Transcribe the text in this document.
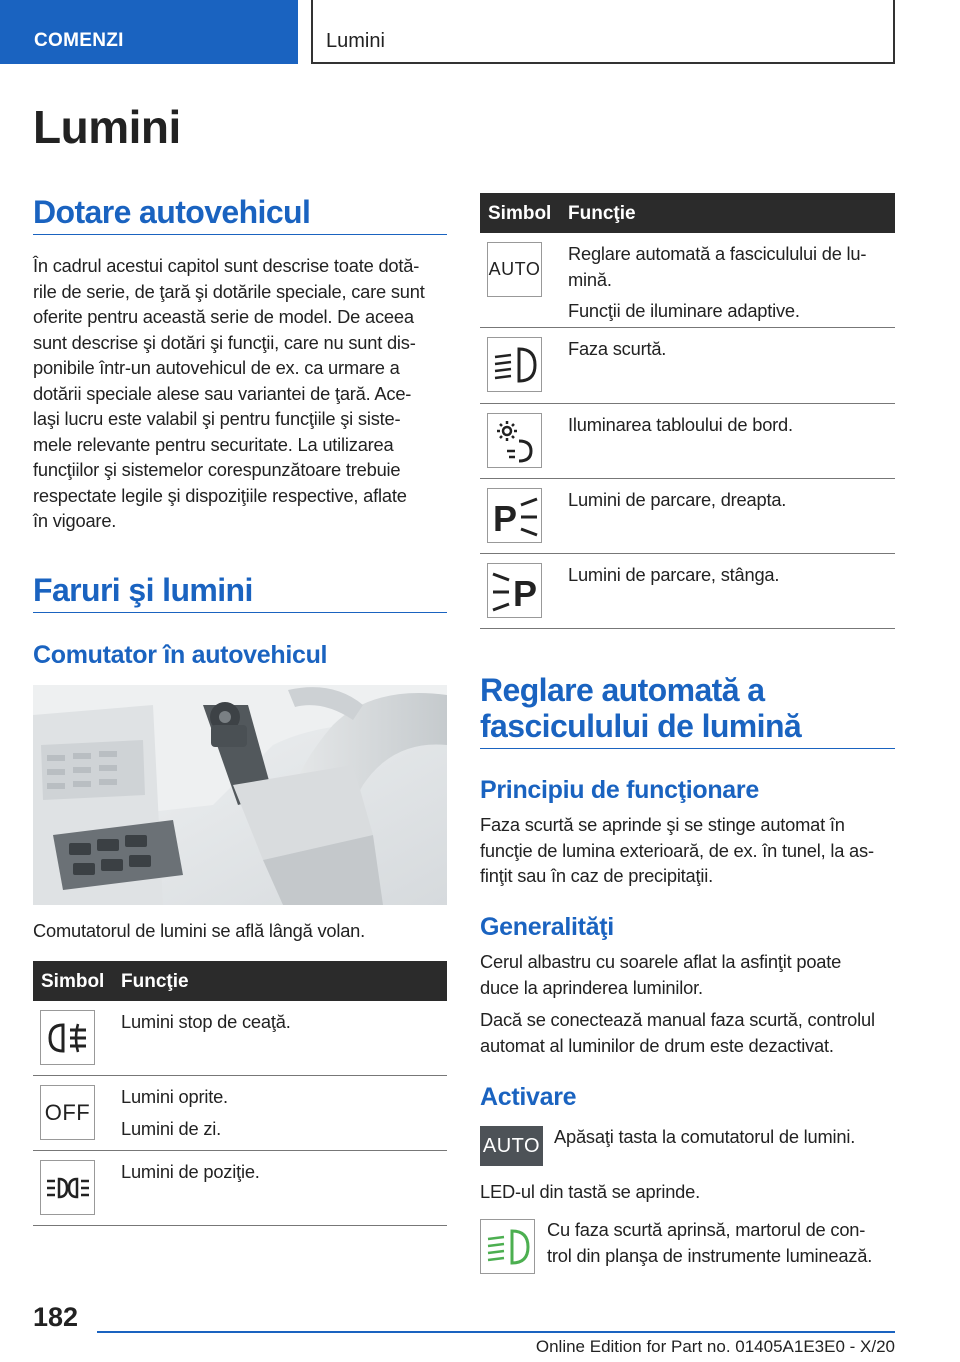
COMENZI	Lumini
Lumini
Dotare autovehicul
În cadrul acestui capitol sunt descrise toate dotă-
rile de serie, de ţară şi dotările speciale, care sunt
oferite pentru această serie de model. De aceea
sunt descrise şi dotări şi funcţii, care nu sunt dis-
ponibile într-un autovehicul de ex. ca urmare a
dotării speciale alese sau variantei de ţară. Ace-
laşi lucru este valabil şi pentru funcţiile şi siste-
mele relevante pentru securitate. La utilizarea
funcţiilor şi sistemelor corespunzătoare trebuie
respectate legile şi dispoziţiile respective, aflate
în vigoare.
Faruri şi lumini
Comutator în autovehicul
Comutatorul de lumini se află lângă volan.
Simbol Funcţie
Lumini stop de ceaţă.
OFF
Lumini oprite.
Lumini de zi.
Lumini de poziţie.
Simbol Funcţie
AUTO
Reglare automată a fasciculului de lu-
mină.
Funcţii de iluminare adaptive.
Faza scurtă.
Iluminarea tabloului de bord.
P	Lumini de parcare, dreapta.
P Lumini de parcare, stânga.
Reglare automată a
fasciculului de lumină
Principiu de funcţionare
Faza scurtă se aprinde şi se stinge automat în
funcţie de lumina exterioară, de ex. în tunel, la as-
finţit sau în caz de precipitaţii.
Generalităţi
Cerul albastru cu soarele aflat la asfinţit poate
duce la aprinderea luminilor.
Dacă se conectează manual faza scurtă, controlul
automat al luminilor de drum este dezactivat.
Activare
AUTO Apăsaţi tasta la comutatorul de lumini.
LED-ul din tastă se aprinde.
Cu faza scurtă aprinsă, martorul de con-
trol din planşa de instrumente luminează.
182
Online Edition for Part no. 01405A1E3E0 - X/20
